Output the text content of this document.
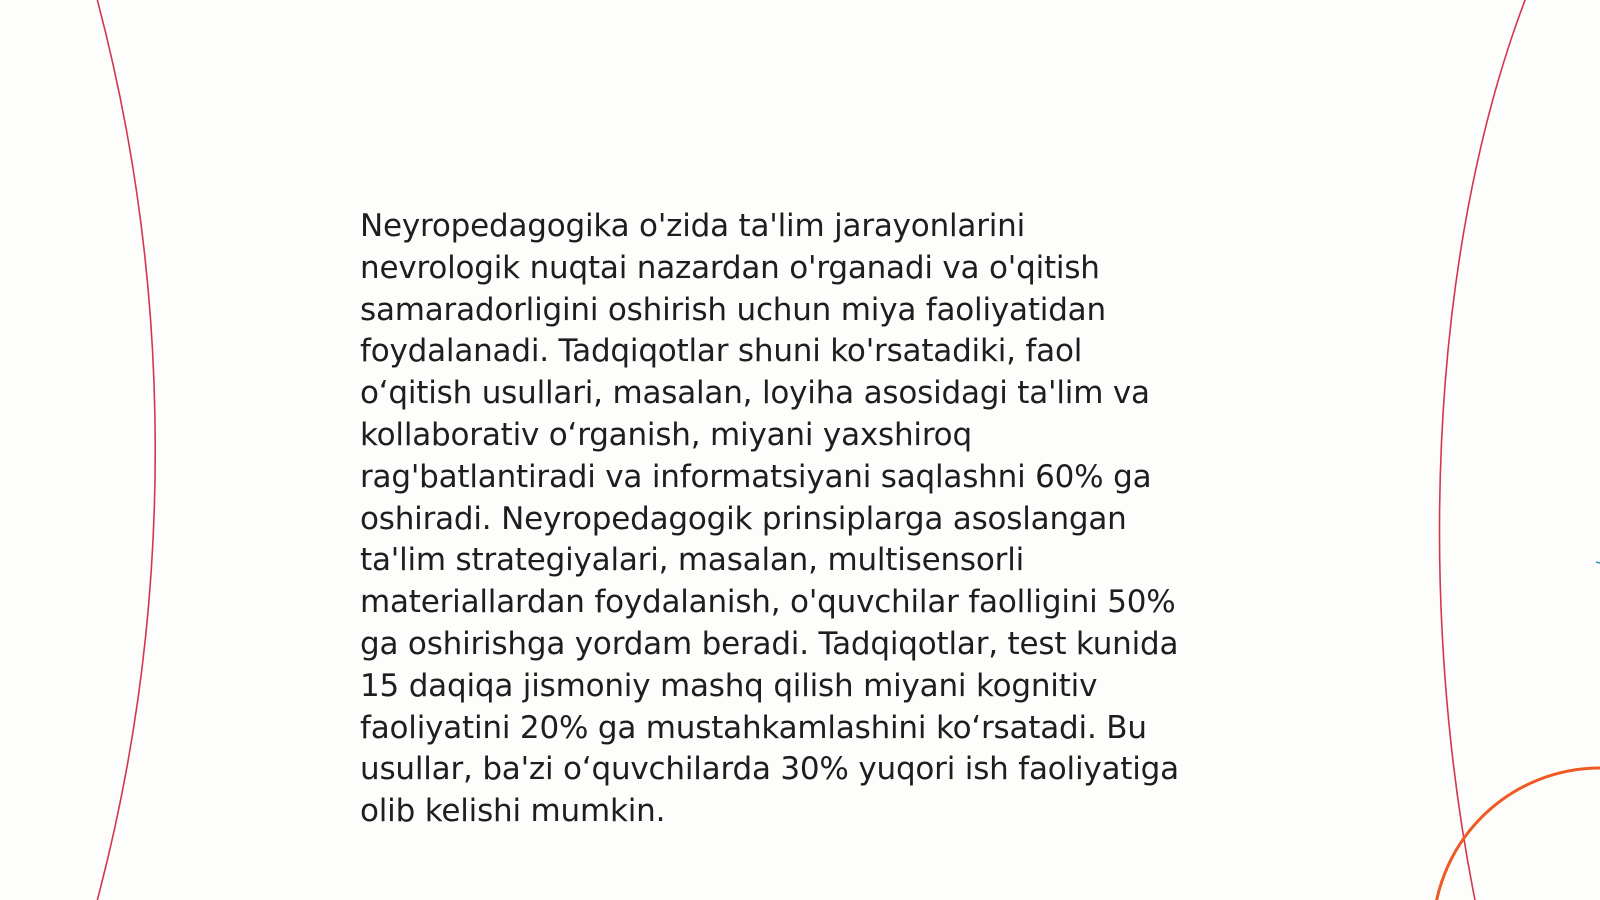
Neyropedagogika o'zida ta'lim jarayonlarini
nevrologik nuqtai nazardan o'rganadi va o'qitish
samaradorligini oshirish uchun miya faoliyatidan
foydalanadi. Tadqiqotlar shuni ko'rsatadiki, faol
o‘qitish usullari, masalan, loyiha asosidagi ta'lim va
kollaborativ o‘rganish, miyani yaxshiroq
rag'batlantiradi va informatsiyani saqlashni 60% ga
oshiradi. Neyropedagogik prinsiplarga asoslangan
ta'lim strategiyalari, masalan, multisensorli
materiallardan foydalanish, o'quvchilar faolligini 50%
ga oshirishga yordam beradi. Tadqiqotlar, test kunida
15 daqiqa jismoniy mashq qilish miyani kognitiv
faoliyatini 20% ga mustahkamlashini ko‘rsatadi. Bu
usullar, ba'zi o‘quvchilarda 30% yuqori ish faoliyatiga
olib kelishi mumkin.
